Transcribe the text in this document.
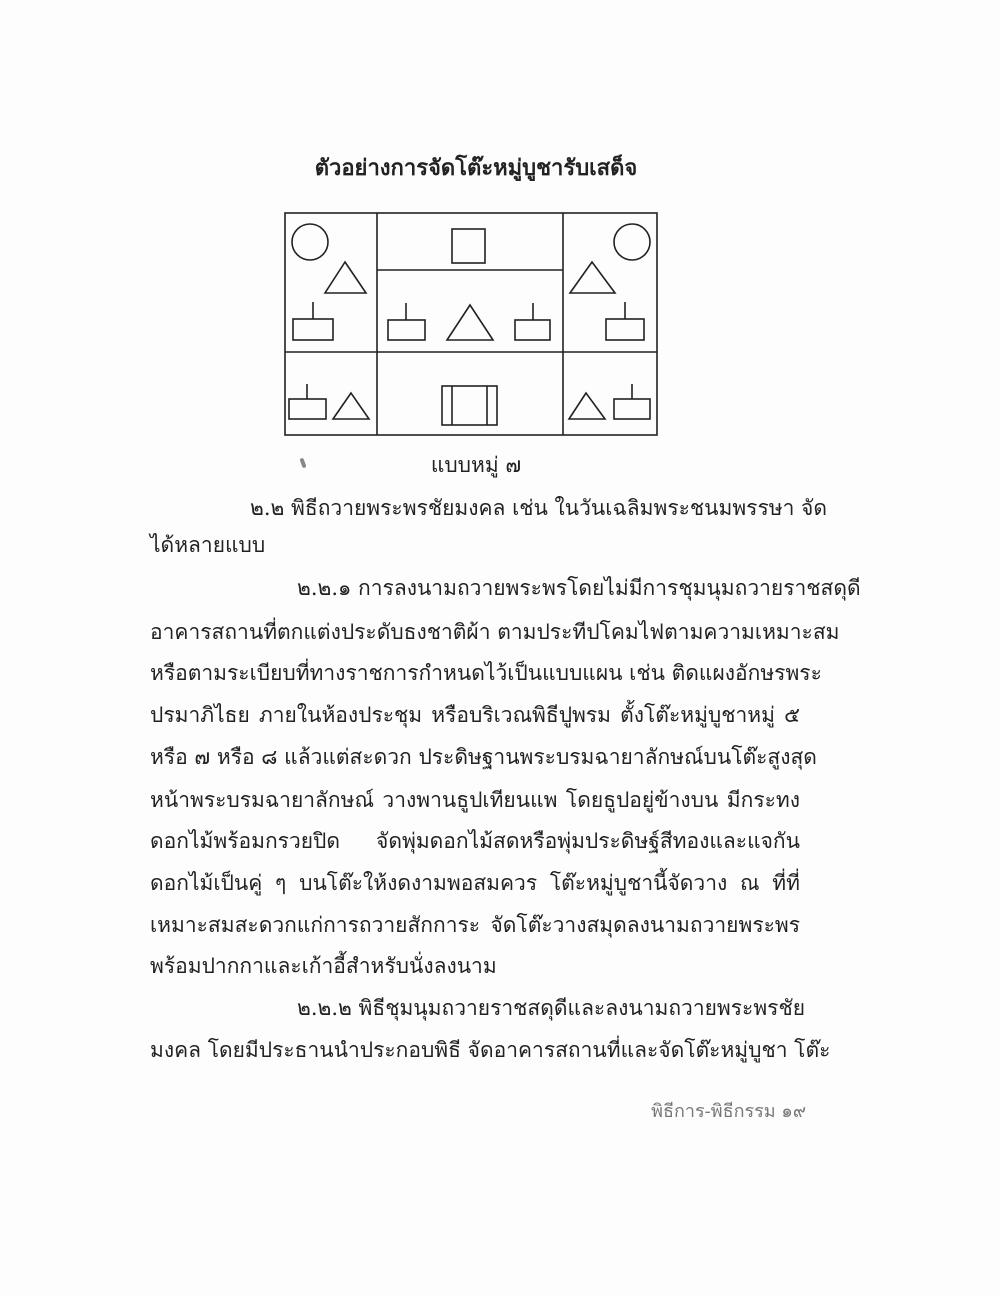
ตัวอย่างการจัดโต๊ะหมู่บูชารับเสด็จ
แบบหมู่ ๗
๒.๒ พิธีถวายพระพรชัยมงคล เช่น ในวันเฉลิมพระชนมพรรษา จัด
ได้หลายแบบ
๒.๒.๑ การลงนามถวายพระพรโดยไม่มีการชุมนุมถวายราชสดุดี
อาคารสถานที่ตกแต่งประดับธงชาติผ้า ตามประทีปโคมไฟตามความเหมาะสม
หรือตามระเบียบที่ทางราชการกำหนดไว้เป็นแบบแผน เช่น ติดแผงอักษรพระ
ปรมาภิไธย ภายในห้องประชุม หรือบริเวณพิธีปูพรม ตั้งโต๊ะหมู่บูชาหมู่ ๕
หรือ ๗ หรือ ๘ แล้วแต่สะดวก ประดิษฐานพระบรมฉายาลักษณ์บนโต๊ะสูงสุด
หน้าพระบรมฉายาลักษณ์ วางพานธูปเทียนแพ โดยธูปอยู่ข้างบน มีกระทง
ดอกไม้พร้อมกรวยปิด จัดพุ่มดอกไม้สดหรือพุ่มประดิษฐ์สีทองและแจกัน
ดอกไม้เป็นคู่ ๆ บนโต๊ะให้งดงามพอสมควร โต๊ะหมู่บูชานี้จัดวาง ณ ที่ที่
เหมาะสมสะดวกแก่การถวายสักการะ จัดโต๊ะวางสมุดลงนามถวายพระพร
พร้อมปากกาและเก้าอี้สำหรับนั่งลงนาม
๒.๒.๒ พิธีชุมนุมถวายราชสดุดีและลงนามถวายพระพรชัย
มงคล โดยมีประธานนำประกอบพิธี จัดอาคารสถานที่และจัดโต๊ะหมู่บูชา โต๊ะ
พิธีการ-พิธีกรรม ๑๙
